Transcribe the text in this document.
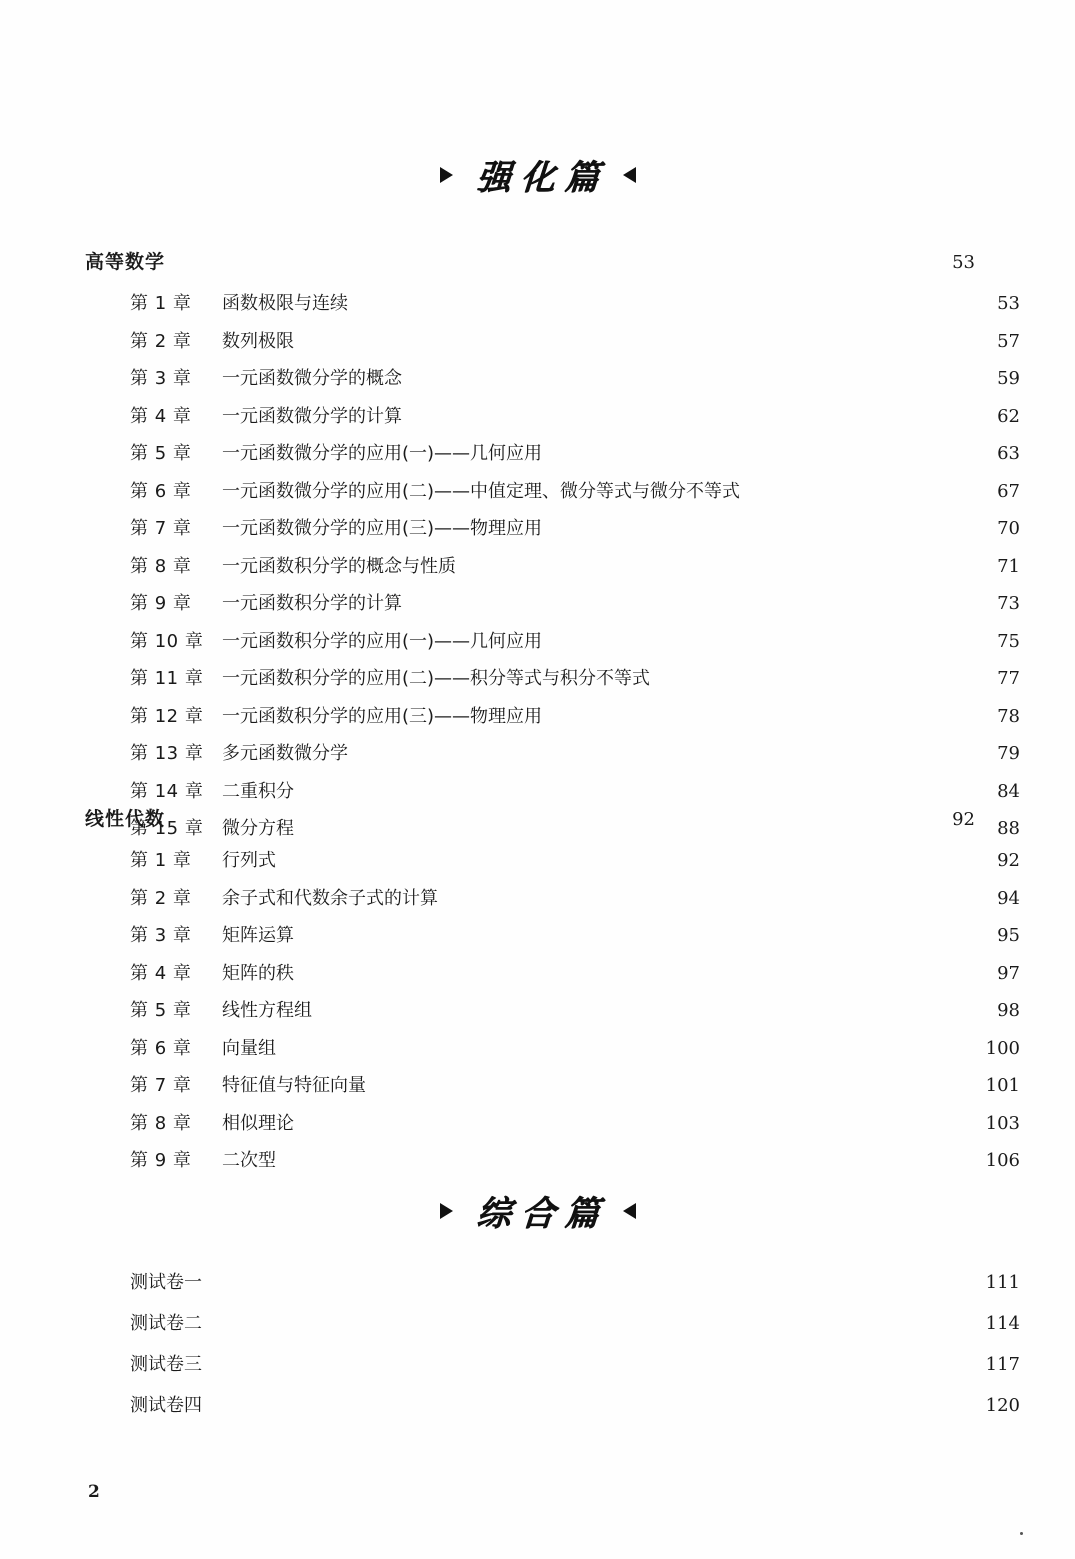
强化篇
高等数学 ·····	53
第 1 章	函数极限与连续 ·····	53
第 2 章	数列极限 ·····	57
第 3 章	一元函数微分学的概念 ·····	59
第 4 章	一元函数微分学的计算 ·····	62
第 5 章	一元函数微分学的应用(一)——几何应用 ·····	63
第 6 章	一元函数微分学的应用(二)——中值定理、微分等式与微分不等式 ·····	67
第 7 章	一元函数微分学的应用(三)——物理应用 ·····	70
第 8 章	一元函数积分学的概念与性质 ·····	71
第 9 章	一元函数积分学的计算 ·····	73
第 10 章	一元函数积分学的应用(一)——几何应用 ·····	75
第 11 章	一元函数积分学的应用(二)——积分等式与积分不等式 ·····	77
第 12 章	一元函数积分学的应用(三)——物理应用 ·····	78
第 13 章	多元函数微分学 ·····	79
第 14 章	二重积分 ·····	84
第 15 章	微分方程 ·····	88
线性代数 ·····	92
第 1 章	行列式 ·····	92
第 2 章	余子式和代数余子式的计算 ·····	94
第 3 章	矩阵运算 ·····	95
第 4 章	矩阵的秩 ·····	97
第 5 章	线性方程组 ·····	98
第 6 章	向量组 ·····	100
第 7 章	特征值与特征向量 ·····	101
第 8 章	相似理论 ·····	103
第 9 章	二次型 ·····	106
综合篇
测试卷一 ·····	111
测试卷二 ·····	114
测试卷三 ·····	117
测试卷四 ·····	120
2
